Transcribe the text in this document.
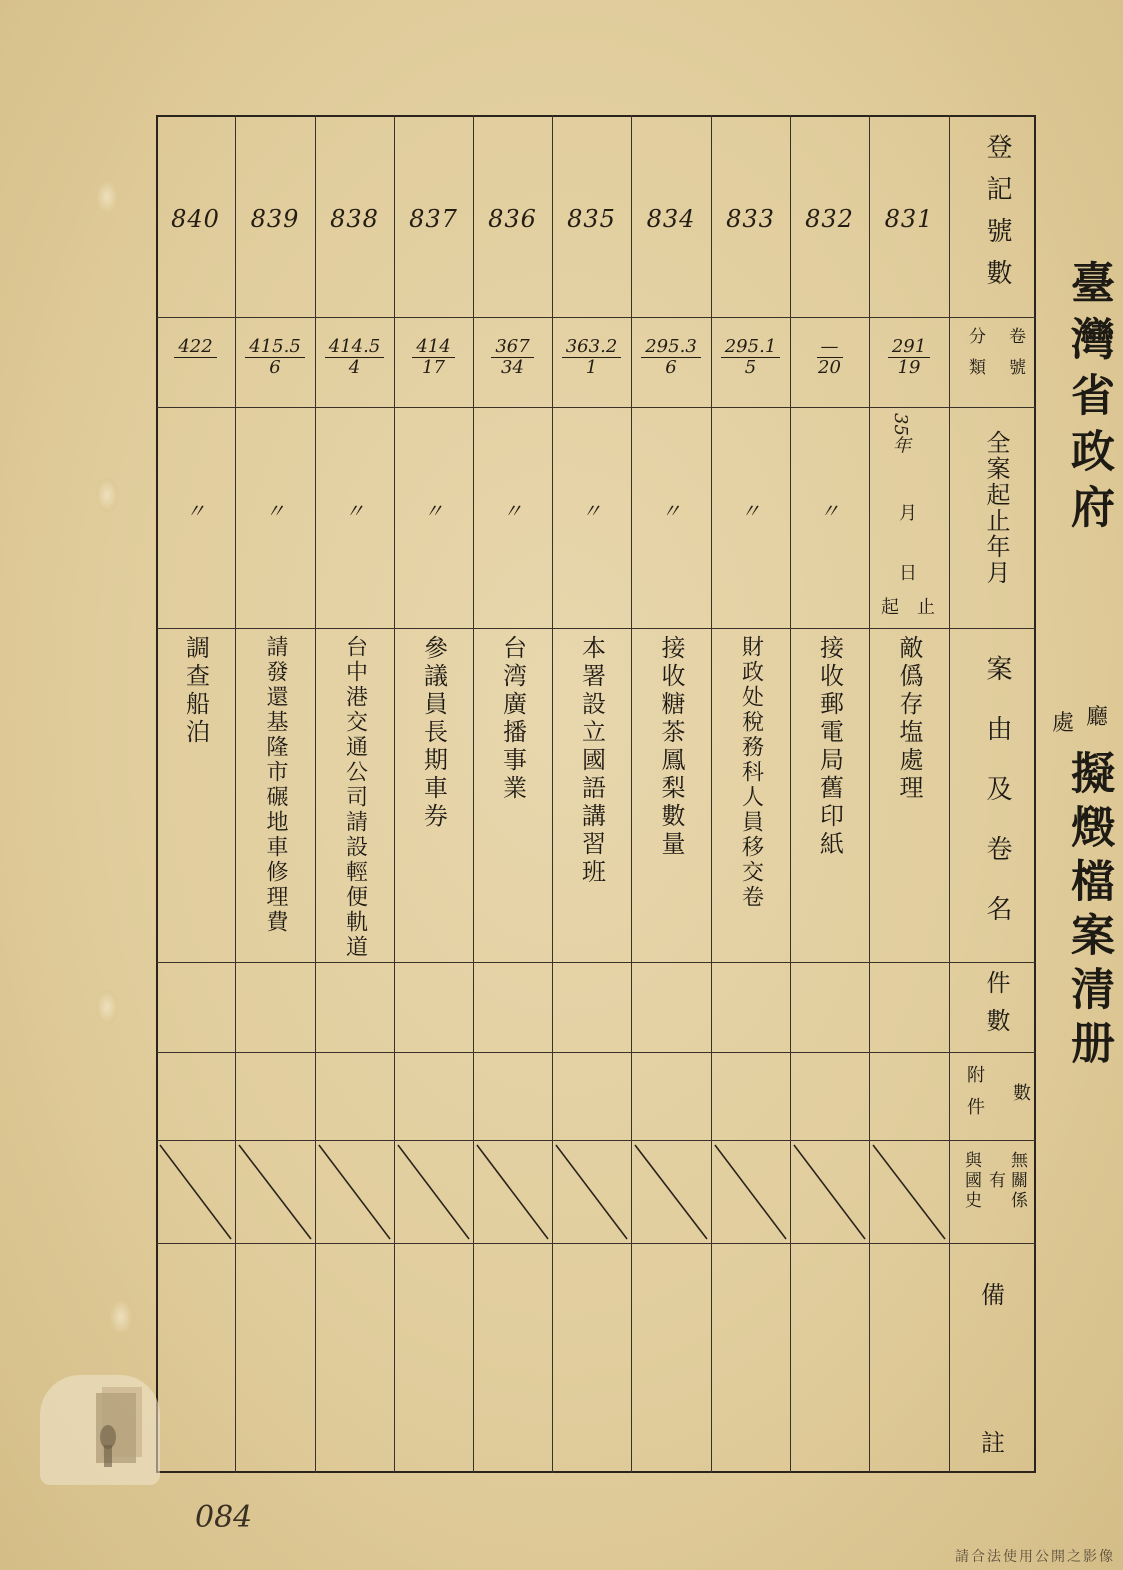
登記號數
卷號
分類
全案起止年月
案由及卷名
件數
附件 數
無關係
有
與國史
備
註
35年
月
日
起 止
831
291
19
敵僞存塩處理
832
—
20
〃
接收郵電局舊印紙
833
295.1
5
〃
財政处稅務科人員移交卷
834
295.3
6
〃
接收糖茶鳳梨數量
835
363.2
1
〃
本署設立國語講習班
836
367
34
〃
台湾廣播事業
837
414
17
〃
參議員長期車券
838
414.5
4
〃
台中港交通公司請設輕便軌道
839
415.5
6
〃
請發還基隆市碾地車修理費
840
422
〃
調查船泊
臺灣省政府
廳
處
擬燬檔案清册
084
請合法使用公開之影像
